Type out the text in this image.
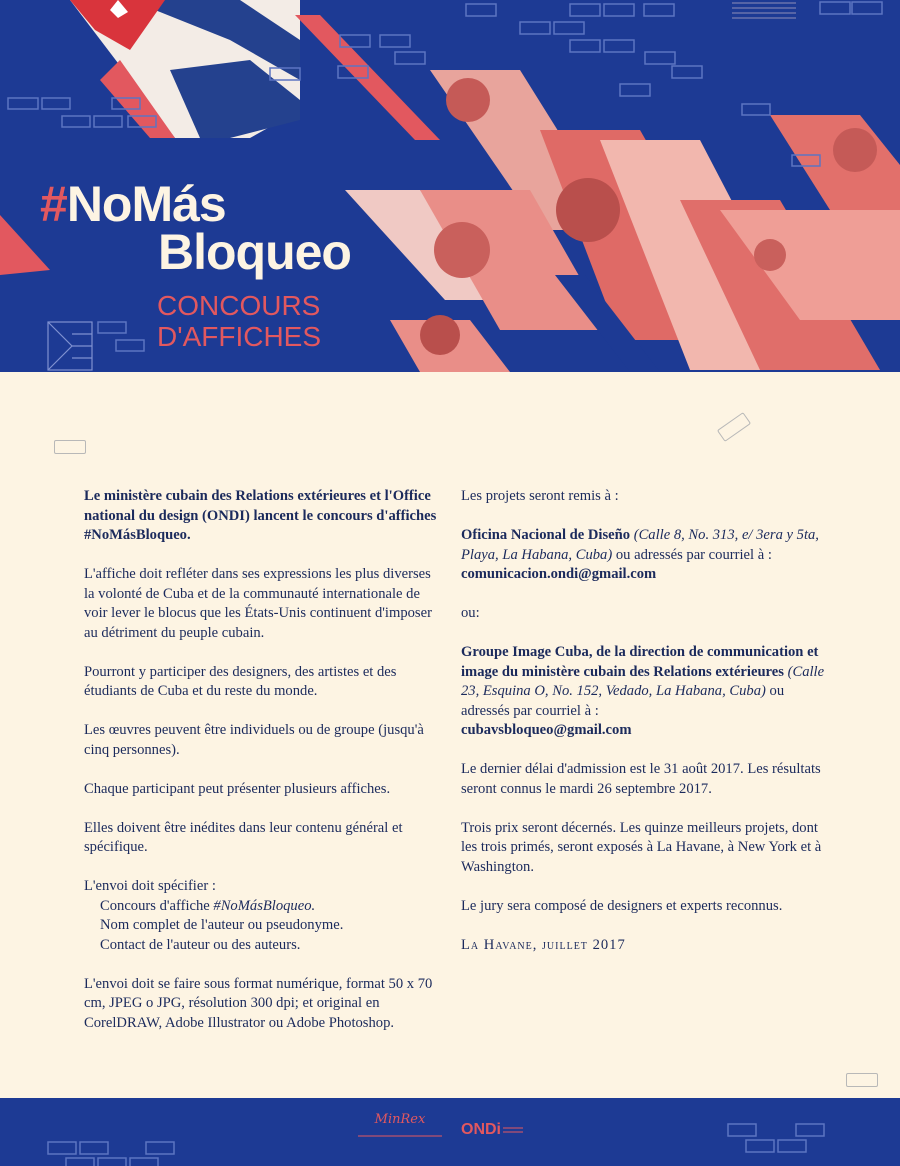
#NoMás
Bloqueo
CONCOURS
D'AFFICHES

Le ministère cubain des Relations extérieures et l'Office national du design (ONDI) lancent le concours d'affiches #NoMásBloqueo.

L'affiche doit refléter dans ses expressions les plus diverses la volonté de Cuba et de la communauté internationale de voir lever le blocus que les États-Unis continuent d'imposer au détriment du peuple cubain.

Pourront y participer des designers, des artistes et des étudiants de Cuba et du reste du monde.

Les œuvres peuvent être individuels ou de groupe (jusqu'à cinq personnes).

Chaque participant peut présenter plusieurs affiches.

Elles doivent être inédites dans leur contenu général et spécifique.

L'envoi doit spécifier :
Concours d'affiche #NoMásBloqueo.
Nom complet de l'auteur ou pseudonyme.
Contact de l'auteur ou des auteurs.

L'envoi doit se faire sous format numérique, format 50 x 70 cm, JPEG o JPG, résolution 300 dpi; et original en CorelDRAW, Adobe Illustrator ou Adobe Photoshop.

Les projets seront remis à :

Oficina Nacional de Diseño (Calle 8, No. 313, e/ 3era y 5ta, Playa, La Habana, Cuba) ou adressés par courriel à :
comunicacion.ondi@gmail.com

ou:

Groupe Image Cuba, de la direction de communication et image du ministère cubain des Relations extérieures (Calle 23, Esquina O, No. 152, Vedado, La Habana, Cuba) ou adressés par courriel à :
cubavsbloqueo@gmail.com

Le dernier délai d'admission est le 31 août 2017. Les résultats seront connus le mardi 26 septembre 2017.

Trois prix seront décernés. Les quinze meilleurs projets, dont les trois primés, seront exposés à La Havane, à New York et à Washington.

Le jury sera composé de designers et experts reconnus.

La Havane, juillet 2017

MinRex
ONDi
